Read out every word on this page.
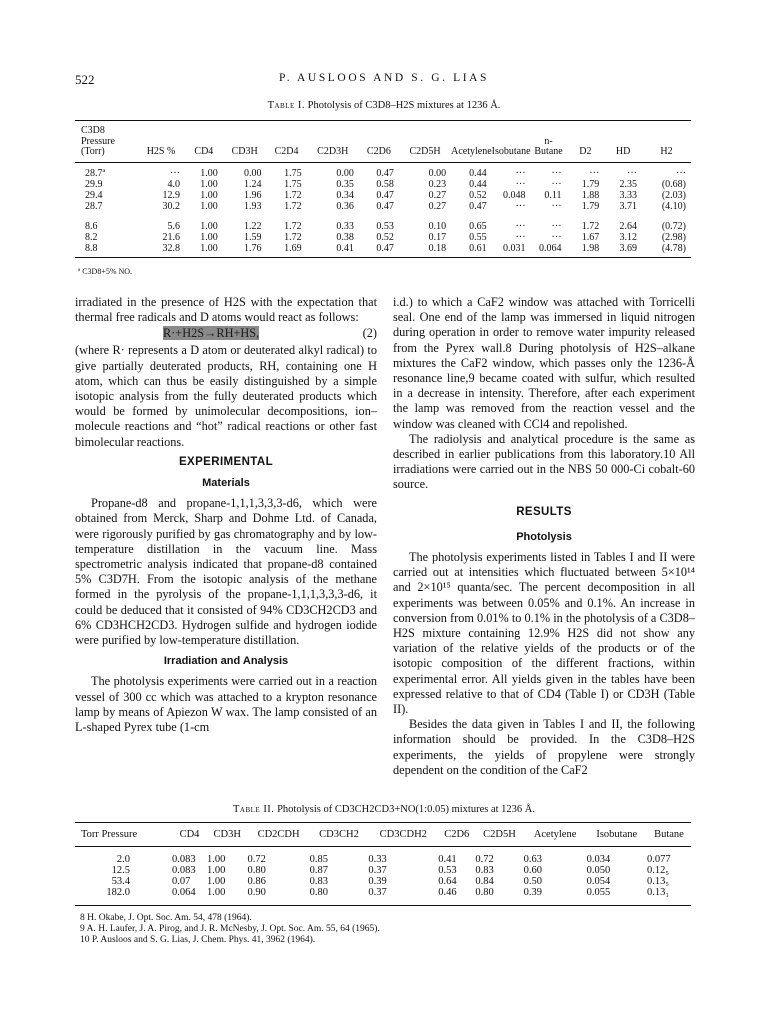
522	P. AUSLOOS AND S. G. LIAS
Table I. Photolysis of C3D8–H2S mixtures at 1236 Å.
C3D8 Pressure (Torr)	H2S %	CD4	CD3H	C2D4	C2D3H	C2D6	C2D5H	Acetylene	Isobutane	n-Butane	D2	HD	H2
28.7ª	···	1.00	0.00	1.75	0.00	0.47	0.00	0.44	···	···	···	···	···
29.9	4.0	1.00	1.24	1.75	0.35	0.58	0.23	0.44	···	···	1.79	2.35	(0.68)
29.4	12.9	1.00	1.96	1.72	0.34	0.47	0.27	0.52	0.048	0.11	1.88	3.33	(2.03)
28.7	30.2	1.00	1.93	1.72	0.36	0.47	0.27	0.47	···	···	1.79	3.71	(4.10)
8.6	5.6	1.00	1.22	1.72	0.33	0.53	0.10	0.65	···	···	1.72	2.64	(0.72)
8.2	21.6	1.00	1.59	1.72	0.38	0.52	0.17	0.55	···	···	1.67	3.12	(2.98)
8.8	32.8	1.00	1.76	1.69	0.41	0.47	0.18	0.61	0.031	0.064	1.98	3.69	(4.78)
ª C3D8+5% NO.

irradiated in the presence of H2S with the expectation that thermal free radicals and D atoms would react as follows:

R·+H2S→RH+HS,	(2)

(where R· represents a D atom or deuterated alkyl radical) to give partially deuterated products, RH, containing one H atom, which can thus be easily distinguished by a simple isotopic analysis from the fully deuterated products which would be formed by unimolecular decompositions, ion–molecule reactions and “hot” radical reactions or other fast bimolecular reactions.

EXPERIMENTAL
Materials

Propane-d8 and propane-1,1,1,3,3,3-d6, which were obtained from Merck, Sharp and Dohme Ltd. of Canada, were rigorously purified by gas chromatography and by low-temperature distillation in the vacuum line. Mass spectrometric analysis indicated that propane-d8 contained 5% C3D7H. From the isotopic analysis of the methane formed in the pyrolysis of the propane-1,1,1,3,3,3-d6, it could be deduced that it consisted of 94% CD3CH2CD3 and 6% CD3HCH2CD3. Hydrogen sulfide and hydrogen iodide were purified by low-temperature distillation.

Irradiation and Analysis

The photolysis experiments were carried out in a reaction vessel of 300 cc which was attached to a krypton resonance lamp by means of Apiezon W wax. The lamp consisted of an L-shaped Pyrex tube (1-cm

i.d.) to which a CaF2 window was attached with Torricelli seal. One end of the lamp was immersed in liquid nitrogen during operation in order to remove water impurity released from the Pyrex wall.8 During photolysis of H2S–alkane mixtures the CaF2 window, which passes only the 1236-Å resonance line,9 became coated with sulfur, which resulted in a decrease in intensity. Therefore, after each experiment the lamp was removed from the reaction vessel and the window was cleaned with CCl4 and repolished.

The radiolysis and analytical procedure is the same as described in earlier publications from this laboratory.10 All irradiations were carried out in the NBS 50 000-Ci cobalt-60 source.

RESULTS
Photolysis

The photolysis experiments listed in Tables I and II were carried out at intensities which fluctuated between 5×10¹⁴ and 2×10¹⁵ quanta/sec. The percent decomposition in all experiments was between 0.05% and 0.1%. An increase in conversion from 0.01% to 0.1% in the photolysis of a C3D8–H2S mixture containing 12.9% H2S did not show any variation of the relative yields of the products or of the isotopic composition of the different fractions, within experimental error. All yields given in the tables have been expressed relative to that of CD4 (Table I) or CD3H (Table II).

Besides the data given in Tables I and II, the following information should be provided. In the C3D8–H2S experiments, the yields of propylene were strongly dependent on the condition of the CaF2

Table II. Photolysis of CD3CH2CD3+NO(1:0.05) mixtures at 1236 Å.
Torr Pressure	CD4	CD3H	CD2CDH	CD3CH2	CD3CDH2	C2D6	C2D5H	Acetylene	Isobutane	Butane
2.0	0.083	1.00	0.72	0.85	0.33	0.41	0.72	0.63	0.034	0.077
12.5	0.083	1.00	0.80	0.87	0.37	0.53	0.83	0.60	0.050	0.12₅
53.4	0.07	1.00	0.86	0.83	0.39	0.64	0.84	0.50	0.054	0.13₅
182.0	0.064	1.00	0.90	0.80	0.37	0.46	0.80	0.39	0.055	0.13₁
8 H. Okabe, J. Opt. Soc. Am. 54, 478 (1964).
9 A. H. Laufer, J. A. Pirog, and J. R. McNesby, J. Opt. Soc. Am. 55, 64 (1965).
10 P. Ausloos and S. G. Lias, J. Chem. Phys. 41, 3962 (1964).
